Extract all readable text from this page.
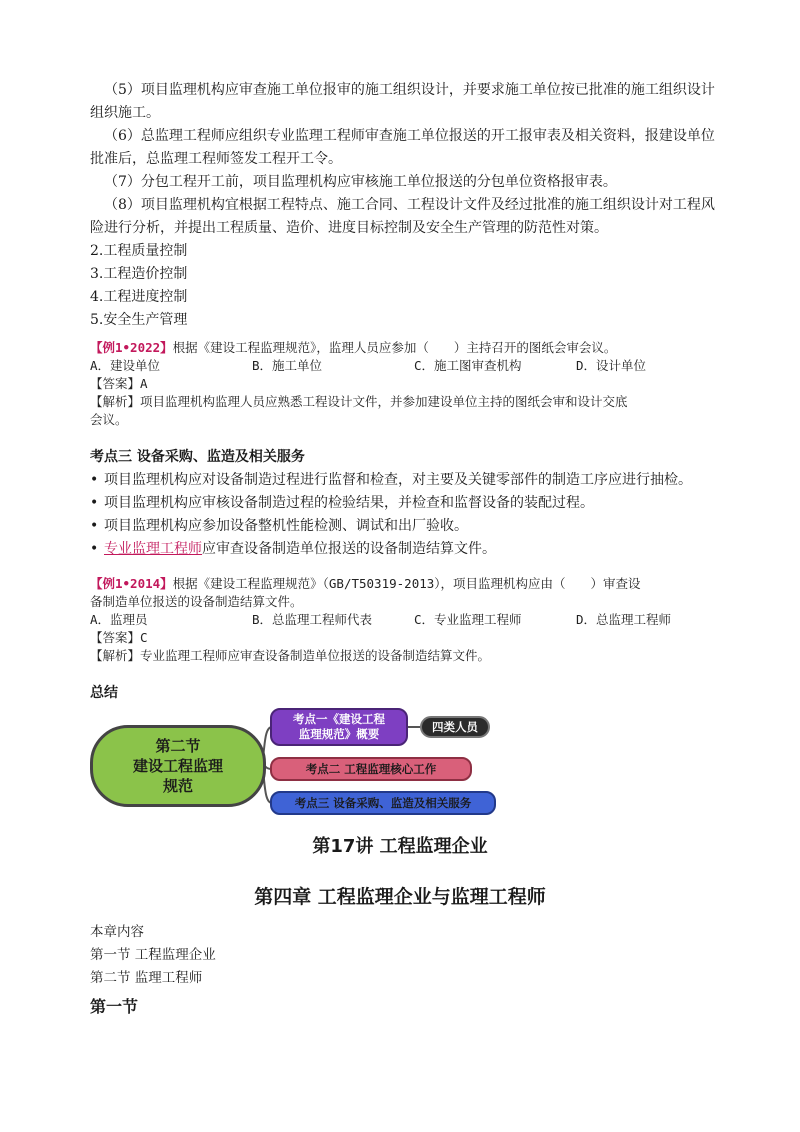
（5）项目监理机构应审查施工单位报审的施工组织设计，并要求施工单位按已批准的施工组织设计
组织施工。
（6）总监理工程师应组织专业监理工程师审查施工单位报送的开工报审表及相关资料，报建设单位
批准后，总监理工程师签发工程开工令。
（7）分包工程开工前，项目监理机构应审核施工单位报送的分包单位资格报审表。
（8）项目监理机构宜根据工程特点、施工合同、工程设计文件及经过批准的施工组织设计对工程风
险进行分析，并提出工程质量、造价、进度目标控制及安全生产管理的防范性对策。
2.工程质量控制
3.工程造价控制
4.工程进度控制
5.安全生产管理
【例1•2022】根据《建设工程监理规范》，监理人员应参加（　　）主持召开的图纸会审会议。
A．建设单位	B．施工单位	C．施工图审查机构	D．设计单位
【答案】A
【解析】项目监理机构监理人员应熟悉工程设计文件，并参加建设单位主持的图纸会审和设计交底
会议。
考点三 设备采购、监造及相关服务
• 项目监理机构应对设备制造过程进行监督和检查，对主要及关键零部件的制造工序应进行抽检。
• 项目监理机构应审核设备制造过程的检验结果，并检查和监督设备的装配过程。
• 项目监理机构应参加设备整机性能检测、调试和出厂验收。
• 专业监理工程师应审查设备制造单位报送的设备制造结算文件。
【例1•2014】根据《建设工程监理规范》（GB/T50319-2013），项目监理机构应由（　　）审查设
备制造单位报送的设备制造结算文件。
A．监理员	B．总监理工程师代表	C．专业监理工程师	D．总监理工程师
【答案】C
【解析】专业监理工程师应审查设备制造单位报送的设备制造结算文件。
总结
第二节
建设工程监理
规范
考点一《建设工程
监理规范》概要	四类人员
考点二 工程监理核心工作
考点三 设备采购、监造及相关服务
第17讲 工程监理企业
第四章 工程监理企业与监理工程师
本章内容
第一节 工程监理企业
第二节 监理工程师
第一节
